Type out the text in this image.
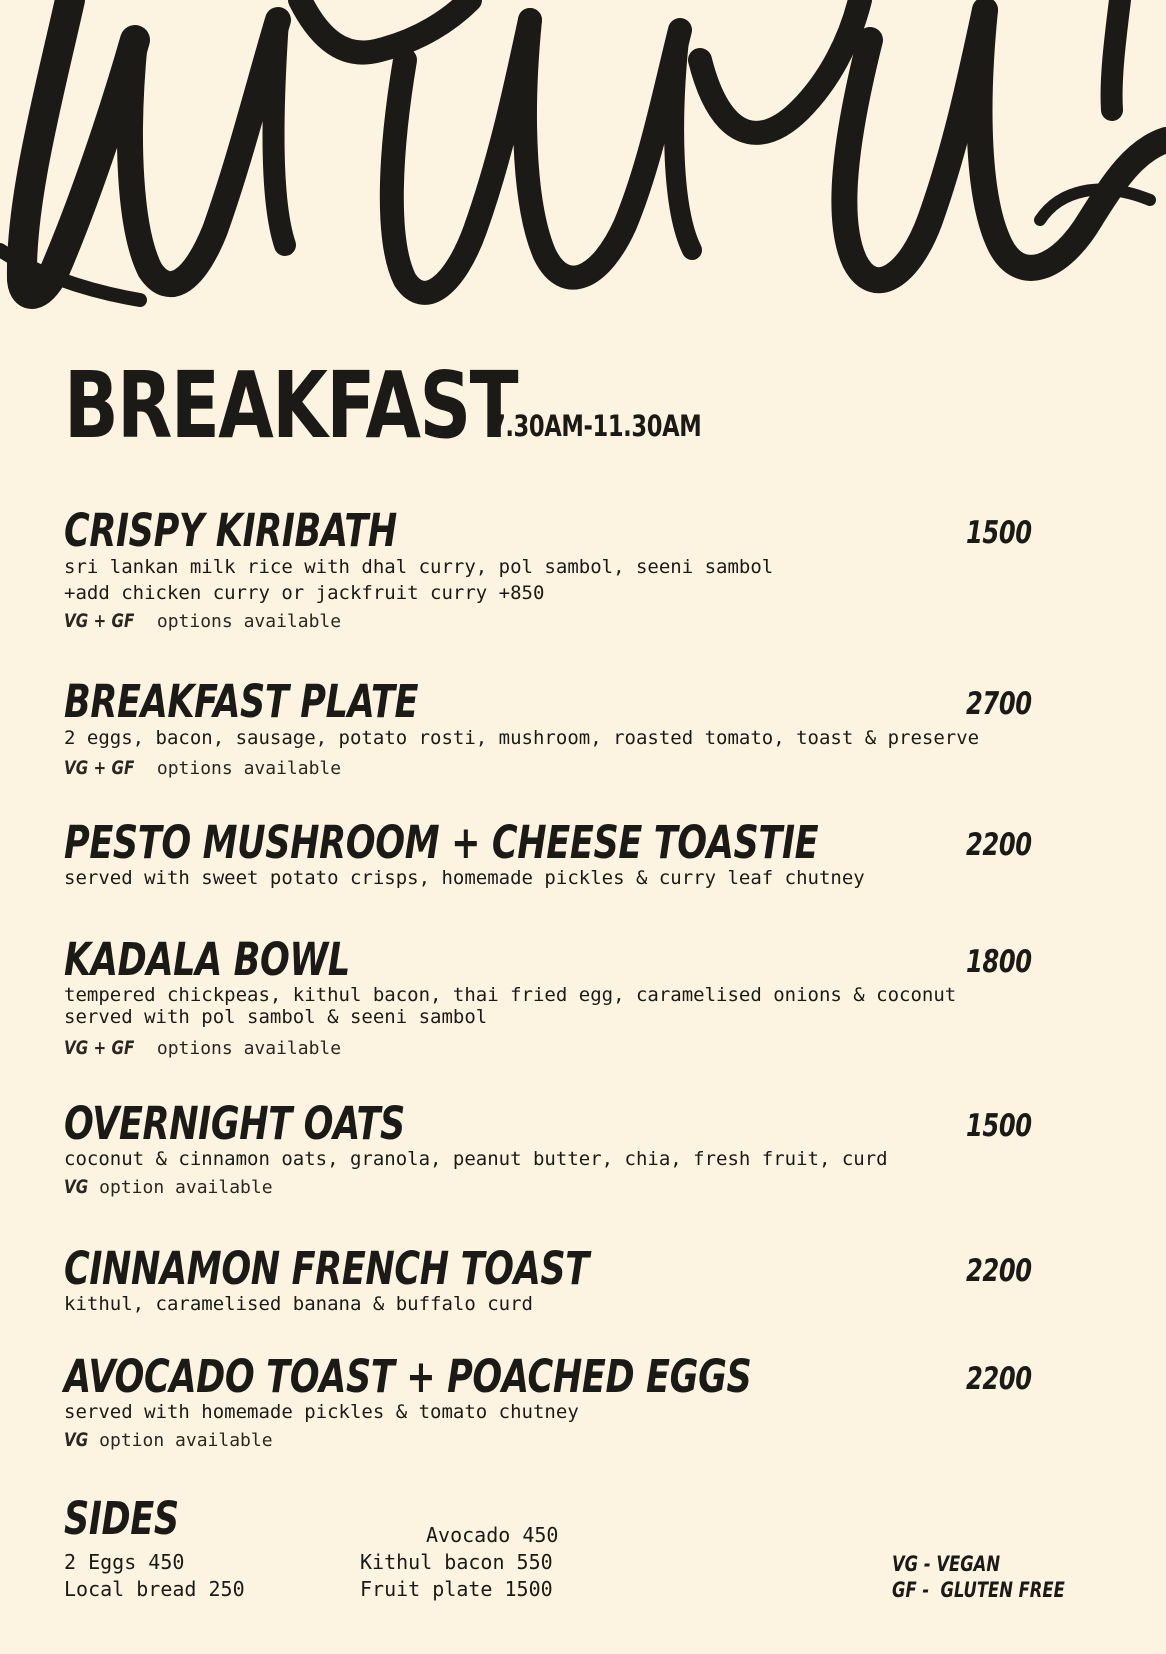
BREAKFAST
7.30AM-11.30AM
CRISPY KIRIBATH	1500
sri lankan milk rice with dhal curry, pol sambol, seeni sambol
+add chicken curry or jackfruit curry +850
VG + GF options available
BREAKFAST PLATE	2700
2 eggs, bacon, sausage, potato rosti, mushroom, roasted tomato, toast & preserve
VG + GF options available
PESTO MUSHROOM + CHEESE TOASTIE	2200
served with sweet potato crisps, homemade pickles & curry leaf chutney
KADALA BOWL	1800
tempered chickpeas, kithul bacon, thai fried egg, caramelised onions & coconut
served with pol sambol & seeni sambol
VG + GF options available
OVERNIGHT OATS	1500
coconut & cinnamon oats, granola, peanut butter, chia, fresh fruit, curd
VG option available
CINNAMON FRENCH TOAST	2200
kithul, caramelised banana & buffalo curd
AVOCADO TOAST + POACHED EGGS	2200
served with homemade pickles & tomato chutney
VG option available
SIDES
2 Eggs 450
Local bread 250
Avocado 450
Kithul bacon 550
Fruit plate 1500
VG - VEGAN
GF -  GLUTEN FREE
